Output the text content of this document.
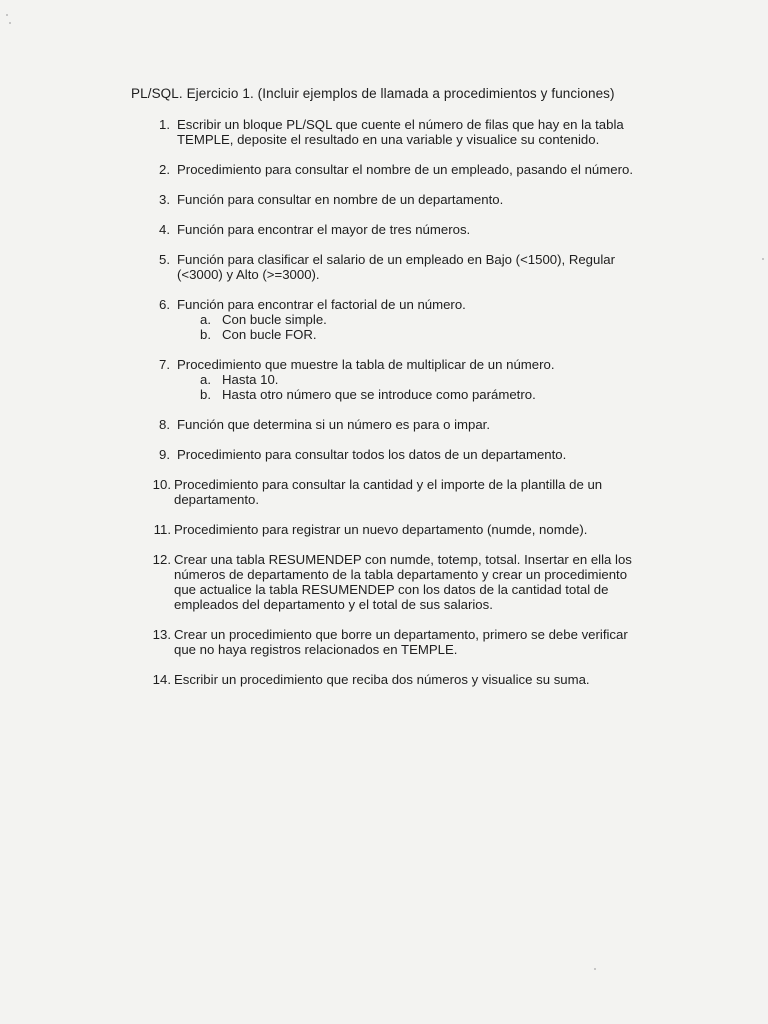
PL/SQL. Ejercicio 1. (Incluir ejemplos de llamada a procedimientos y funciones)
1. Escribir un bloque PL/SQL que cuente el número de filas que hay en la tabla
TEMPLE, deposite el resultado en una variable y visualice su contenido.
2. Procedimiento para consultar el nombre de un empleado, pasando el número.
3. Función para consultar en nombre de un departamento.
4. Función para encontrar el mayor de tres números.
5. Función para clasificar el salario de un empleado en Bajo (<1500), Regular
(<3000) y Alto (>=3000).
6. Función para encontrar el factorial de un número.
a. Con bucle simple.
b. Con bucle FOR.
7. Procedimiento que muestre la tabla de multiplicar de un número.
a. Hasta 10.
b. Hasta otro número que se introduce como parámetro.
8. Función que determina si un número es para o impar.
9. Procedimiento para consultar todos los datos de un departamento.
10. Procedimiento para consultar la cantidad y el importe de la plantilla de un
departamento.
11. Procedimiento para registrar un nuevo departamento (numde, nomde).
12. Crear una tabla RESUMENDEP con numde, totemp, totsal. Insertar en ella los
números de departamento de la tabla departamento y crear un procedimiento
que actualice la tabla RESUMENDEP con los datos de la cantidad total de
empleados del departamento y el total de sus salarios.
13. Crear un procedimiento que borre un departamento, primero se debe verificar
que no haya registros relacionados en TEMPLE.
14. Escribir un procedimiento que reciba dos números y visualice su suma.
